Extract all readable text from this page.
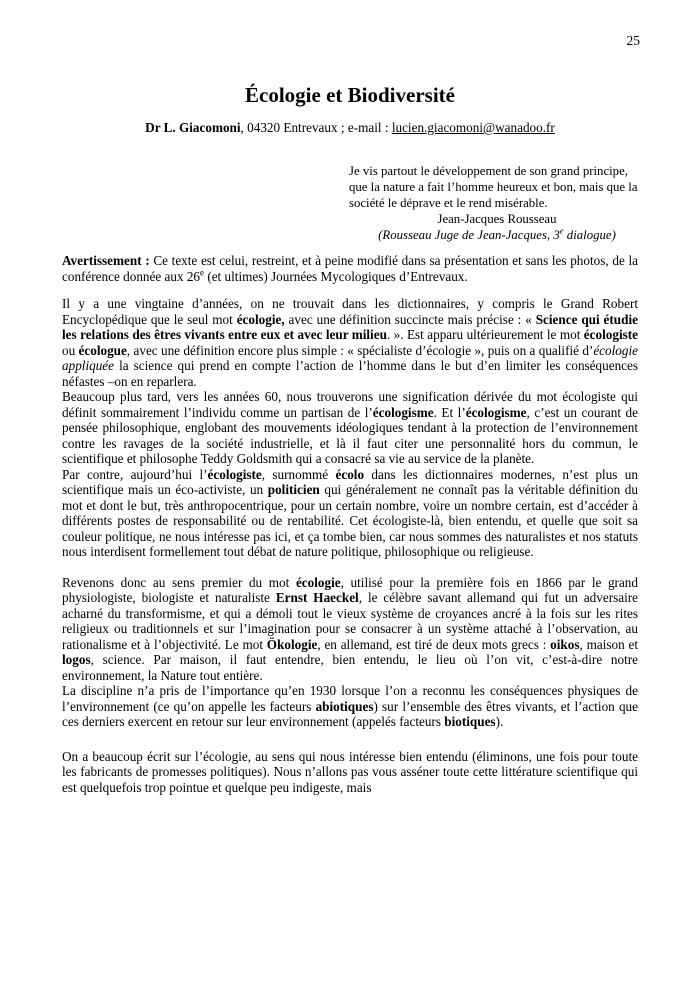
25
Écologie et Biodiversité

Dr L. Giacomoni, 04320 Entrevaux ; e-mail : lucien.giacomoni@wanadoo.fr

Je vis partout le développement de son grand principe, que la nature a fait l’homme heureux et bon, mais que la société le déprave et le rend misérable.

Jean-Jacques Rousseau

(Rousseau Juge de Jean-Jacques, 3e dialogue)

Avertissement : Ce texte est celui, restreint, et à peine modifié dans sa présentation et sans les photos, de la conférence donnée aux 26e (et ultimes) Journées Mycologiques d’Entrevaux.

Il y a une vingtaine d’années, on ne trouvait dans les dictionnaires, y compris le Grand Robert Encyclopédique que le seul mot écologie, avec une définition succincte mais précise : « Science qui étudie les relations des êtres vivants entre eux et avec leur milieu. ». Est apparu ultérieurement le mot écologiste ou écologue, avec une définition encore plus simple : « spécialiste d’écologie », puis on a qualifié d’écologie appliquée la science qui prend en compte l’action de l’homme dans le but d’en limiter les conséquences néfastes –on en reparlera.

Beaucoup plus tard, vers les années 60, nous trouverons une signification dérivée du mot écologiste qui définit sommairement l’individu comme un partisan de l’écologisme. Et l’écologisme, c’est un courant de pensée philosophique, englobant des mouvements idéologiques tendant à la protection de l’environnement contre les ravages de la société industrielle, et là il faut citer une personnalité hors du commun, le scientifique et philosophe Teddy Goldsmith qui a consacré sa vie au service de la planète.

Par contre, aujourd’hui l’écologiste, surnommé écolo dans les dictionnaires modernes, n’est plus un scientifique mais un éco-activiste, un politicien qui généralement ne connaît pas la véritable définition du mot et dont le but, très anthropocentrique, pour un certain nombre, voire un nombre certain, est d’accéder à différents postes de responsabilité ou de rentabilité. Cet écologiste-là, bien entendu, et quelle que soit sa couleur politique, ne nous intéresse pas ici, et ça tombe bien, car nous sommes des naturalistes et nos statuts nous interdisent formellement tout débat de nature politique, philosophique ou religieuse.

Revenons donc au sens premier du mot écologie, utilisé pour la première fois en 1866 par le grand physiologiste, biologiste et naturaliste Ernst Haeckel, le célèbre savant allemand qui fut un adversaire acharné du transformisme, et qui a démoli tout le vieux système de croyances ancré à la fois sur les rites religieux ou traditionnels et sur l’imagination pour se consacrer à un système attaché à l’observation, au rationalisme et à l’objectivité. Le mot Ökologie, en allemand, est tiré de deux mots grecs : oikos, maison et logos, science. Par maison, il faut entendre, bien entendu, le lieu où l’on vit, c’est-à-dire notre environnement, la Nature tout entière.

La discipline n’a pris de l’importance qu’en 1930 lorsque l’on a reconnu les conséquences physiques de l’environnement (ce qu’on appelle les facteurs abiotiques) sur l’ensemble des êtres vivants, et l’action que ces derniers exercent en retour sur leur environnement (appelés facteurs biotiques).

On a beaucoup écrit sur l’écologie, au sens qui nous intéresse bien entendu (éliminons, une fois pour toute les fabricants de promesses politiques). Nous n’allons pas vous asséner toute cette littérature scientifique qui est quelquefois trop pointue et quelque peu indigeste, mais
